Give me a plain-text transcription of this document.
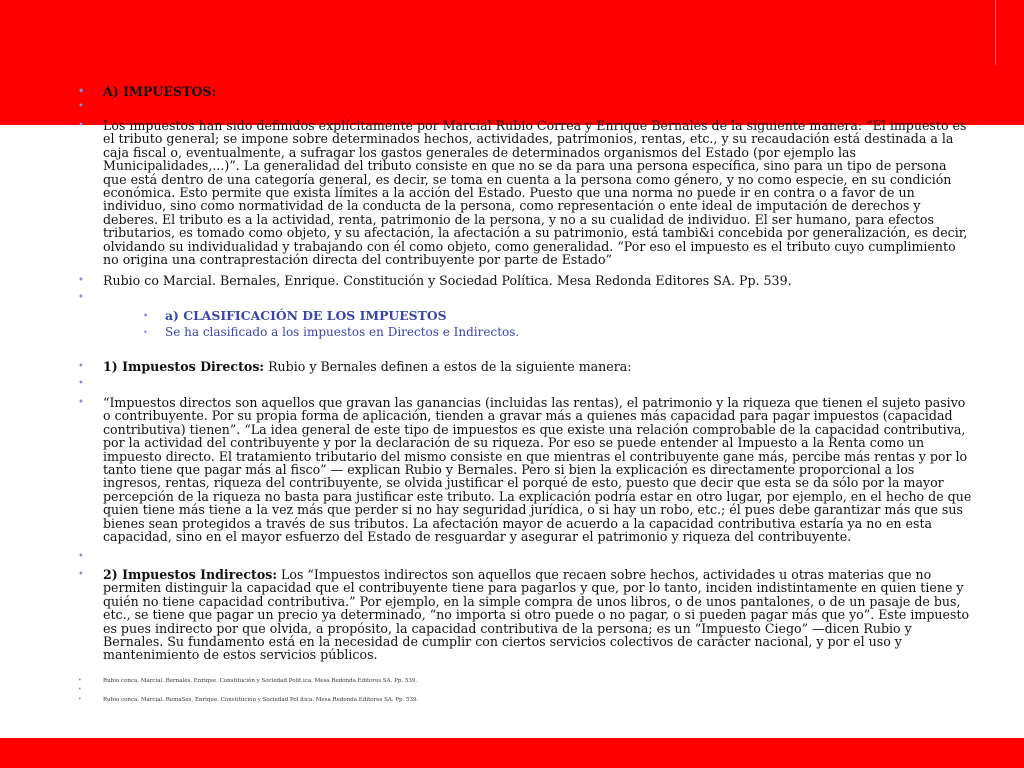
• A) IMPUESTOS:
•
• Los impuestos han sido definidos explícitamente por Marcial Rubio Correa y Enrique Bernales de la siguiente manera: “El impuesto es el tributo general; se impone sobre determinados hechos, actividades, patrimonios, rentas, etc., y su recaudación está destinada a la caja fiscal o, eventualmente, a sufragar los gastos generales de determinados organismos del Estado (por ejemplo las Municipalidades,...)”. La generalidad del tributo consiste en que no se da para una persona específica, sino para un tipo de persona que está dentro de una categoría general, es decir, se toma en cuenta a la persona como género, y no como especie, en su condición económica. Esto permite que exista límites a la acción del Estado. Puesto que una norma no puede ir en contra o a favor de un individuo, sino como normatividad de la conducta de la persona, como representación o ente ideal de imputación de derechos y deberes. El tributo es a la actividad, renta, patrimonio de la persona, y no a su cualidad de individuo. El ser humano, para efectos tributarios, es tomado como objeto, y su afectación, la afectación a su patrimonio, está tambi&i concebida por generalización, es decir, olvidando su individualidad y trabajando con él como objeto, como generalidad. “Por eso el impuesto es el tributo cuyo cumplimiento no origina una contraprestación directa del contribuyente por parte de Estado”
• Rubio co Marcial. Bernales, Enrique. Constitución y Sociedad Política. Mesa Redonda Editores SA. Pp. 539.
•
• a) CLASIFICACIÓN DE LOS IMPUESTOS
• Se ha clasificado a los impuestos en Directos e Indirectos.
• 1) Impuestos Directos: Rubio y Bernales definen a estos de la siguiente manera:
•
• “Impuestos directos son aquellos que gravan las ganancias (incluidas las rentas), el patrimonio y la riqueza que tienen el sujeto pasivo o contribuyente. Por su propia forma de aplicación, tienden a gravar más a quienes más capacidad para pagar impuestos (capacidad contributiva) tienen”. “La idea general de este tipo de impuestos es que existe una relación comprobable de la capacidad contributiva, por la actividad del contribuyente y por la declaración de su riqueza. Por eso se puede entender al Impuesto a la Renta como un impuesto directo. El tratamiento tributario del mismo consiste en que mientras el contribuyente gane más, percibe más rentas y por lo tanto tiene que pagar más al fisco” — explican Rubio y Bernales. Pero si bien la explicación es directamente proporcional a los ingresos, rentas, riqueza del contribuyente, se olvida justificar el porqué de esto, puesto que decir que esta se da sólo por la mayor percepción de la riqueza no basta para justificar este tributo. La explicación podría estar en otro lugar, por ejemplo, en el hecho de que quien tiene más tiene a la vez más que perder si no hay seguridad jurídica, o si hay un robo, etc.; él pues debe garantizar más que sus bienes sean protegidos a través de sus tributos. La afectación mayor de acuerdo a la capacidad contributiva estaría ya no en esta capacidad, sino en el mayor esfuerzo del Estado de resguardar y asegurar el patrimonio y riqueza del contribuyente.
•
• 2) Impuestos Indirectos: Los “Impuestos indirectos son aquellos que recaen sobre hechos, actividades u otras materias que no permiten distinguir la capacidad que el contribuyente tiene para pagarlos y que, por lo tanto, inciden indistintamente en quien tiene y quién no tiene capacidad contributiva.” Por ejemplo, en la simple compra de unos libros, o de unos pantalones, o de un pasaje de bus, etc., se tiene que pagar un precio ya determinado, “no importa si otro puede o no pagar, o si pueden pagar más que yo”. Este impuesto es pues indirecto por que olvida, a propósito, la capacidad contributiva de la persona; es un “Impuesto Ciego” —dicen Rubio y Bernales. Su fundamento está en la necesidad de cumplir con ciertos servicios colectivos de carácter nacional, y por el uso y mantenimiento de estos servicios públicos.
• Rubio conca. Marcial. Bernales. Enrique. Constitución y Sociedad Polit ica. Mesa Redonda Editores SA. Pp. 539.
•
• Rubio conca. Marcial. RemaSes, Enrique. Constitución y Sociedad Pol ítica. Mesa Redonda Editores SA. Pp. 539.
